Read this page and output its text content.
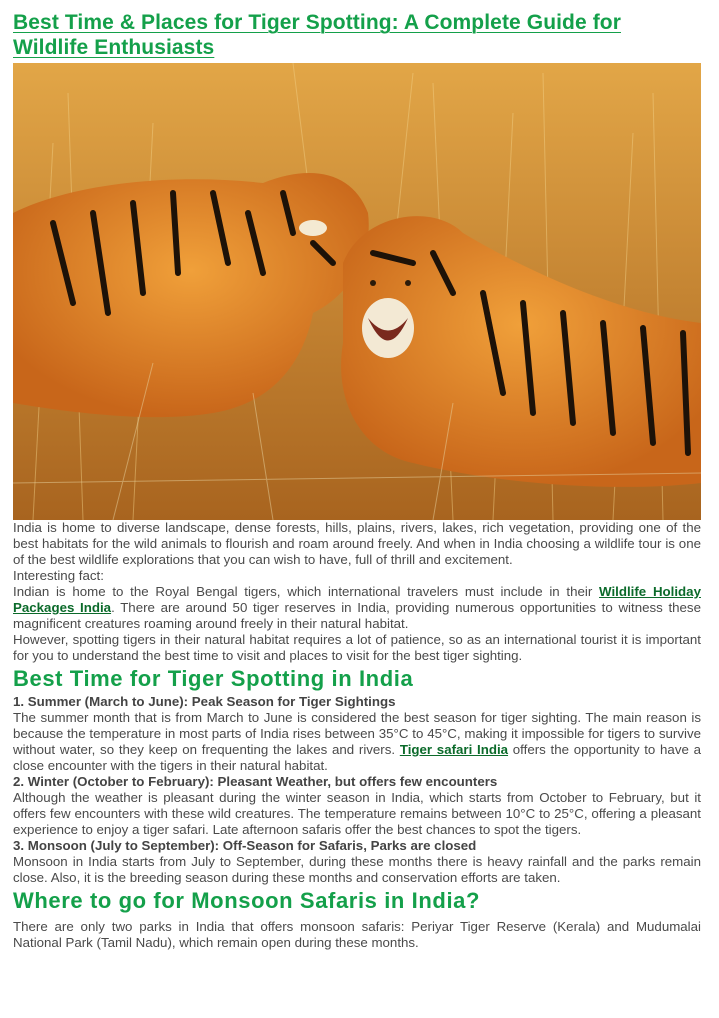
Best Time & Places for Tiger Spotting: A Complete Guide for Wildlife Enthusiasts

India is home to diverse landscape, dense forests, hills, plains, rivers, lakes, rich vegetation, providing one of the best habitats for the wild animals to flourish and roam around freely. And when in India choosing a wildlife tour is one of the best wildlife explorations that you can wish to have, full of thrill and excitement.

Interesting fact:

Indian is home to the Royal Bengal tigers, which international travelers must include in their Wildlife Holiday Packages India. There are around 50 tiger reserves in India, providing numerous opportunities to witness these magnificent creatures roaming around freely in their natural habitat.

However, spotting tigers in their natural habitat requires a lot of patience, so as an international tourist it is important for you to understand the best time to visit and places to visit for the best tiger sighting.

Best Time for Tiger Spotting in India

1. Summer (March to June): Peak Season for Tiger Sightings

The summer month that is from March to June is considered the best season for tiger sighting. The main reason is because the temperature in most parts of India rises between 35°C to 45°C, making it impossible for tigers to survive without water, so they keep on frequenting the lakes and rivers. Tiger safari India offers the opportunity to have a close encounter with the tigers in their natural habitat.

2. Winter (October to February): Pleasant Weather, but offers few encounters

Although the weather is pleasant during the winter season in India, which starts from October to February, but it offers few encounters with these wild creatures. The temperature remains between 10°C to 25°C, offering a pleasant experience to enjoy a tiger safari. Late afternoon safaris offer the best chances to spot the tigers.

3. Monsoon (July to September): Off-Season for Safaris, Parks are closed

Monsoon in India starts from July to September, during these months there is heavy rainfall and the parks remain close. Also, it is the breeding season during these months and conservation efforts are taken.

Where to go for Monsoon Safaris in India?

There are only two parks in India that offers monsoon safaris: Periyar Tiger Reserve (Kerala) and Mudumalai National Park (Tamil Nadu), which remain open during these months.
